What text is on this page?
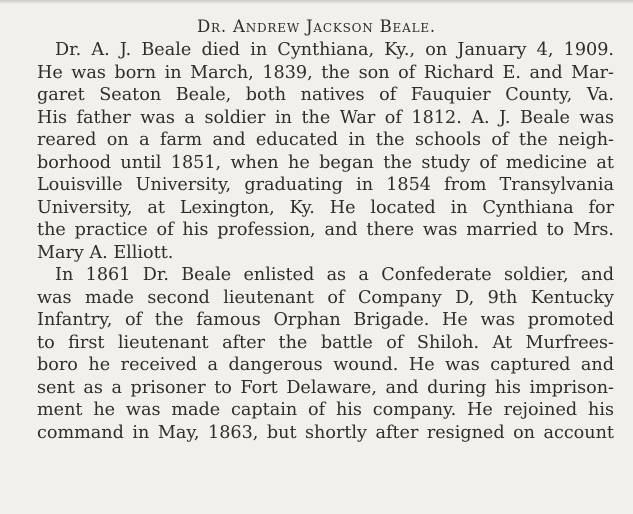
Dr. Andrew Jackson Beale.
Dr. A. J. Beale died in Cynthiana, Ky., on January 4, 1909.
He was born in March, 1839, the son of Richard E. and Mar-
garet Seaton Beale, both natives of Fauquier County, Va.
His father was a soldier in the War of 1812. A. J. Beale was
reared on a farm and educated in the schools of the neigh-
borhood until 1851, when he began the study of medicine at
Louisville University, graduating in 1854 from Transylvania
University, at Lexington, Ky. He located in Cynthiana for
the practice of his profession, and there was married to Mrs.
Mary A. Elliott.
In 1861 Dr. Beale enlisted as a Confederate soldier, and
was made second lieutenant of Company D, 9th Kentucky
Infantry, of the famous Orphan Brigade. He was promoted
to first lieutenant after the battle of Shiloh. At Murfrees-
boro he received a dangerous wound. He was captured and
sent as a prisoner to Fort Delaware, and during his imprison-
ment he was made captain of his company. He rejoined his
command in May, 1863, but shortly after resigned on account
